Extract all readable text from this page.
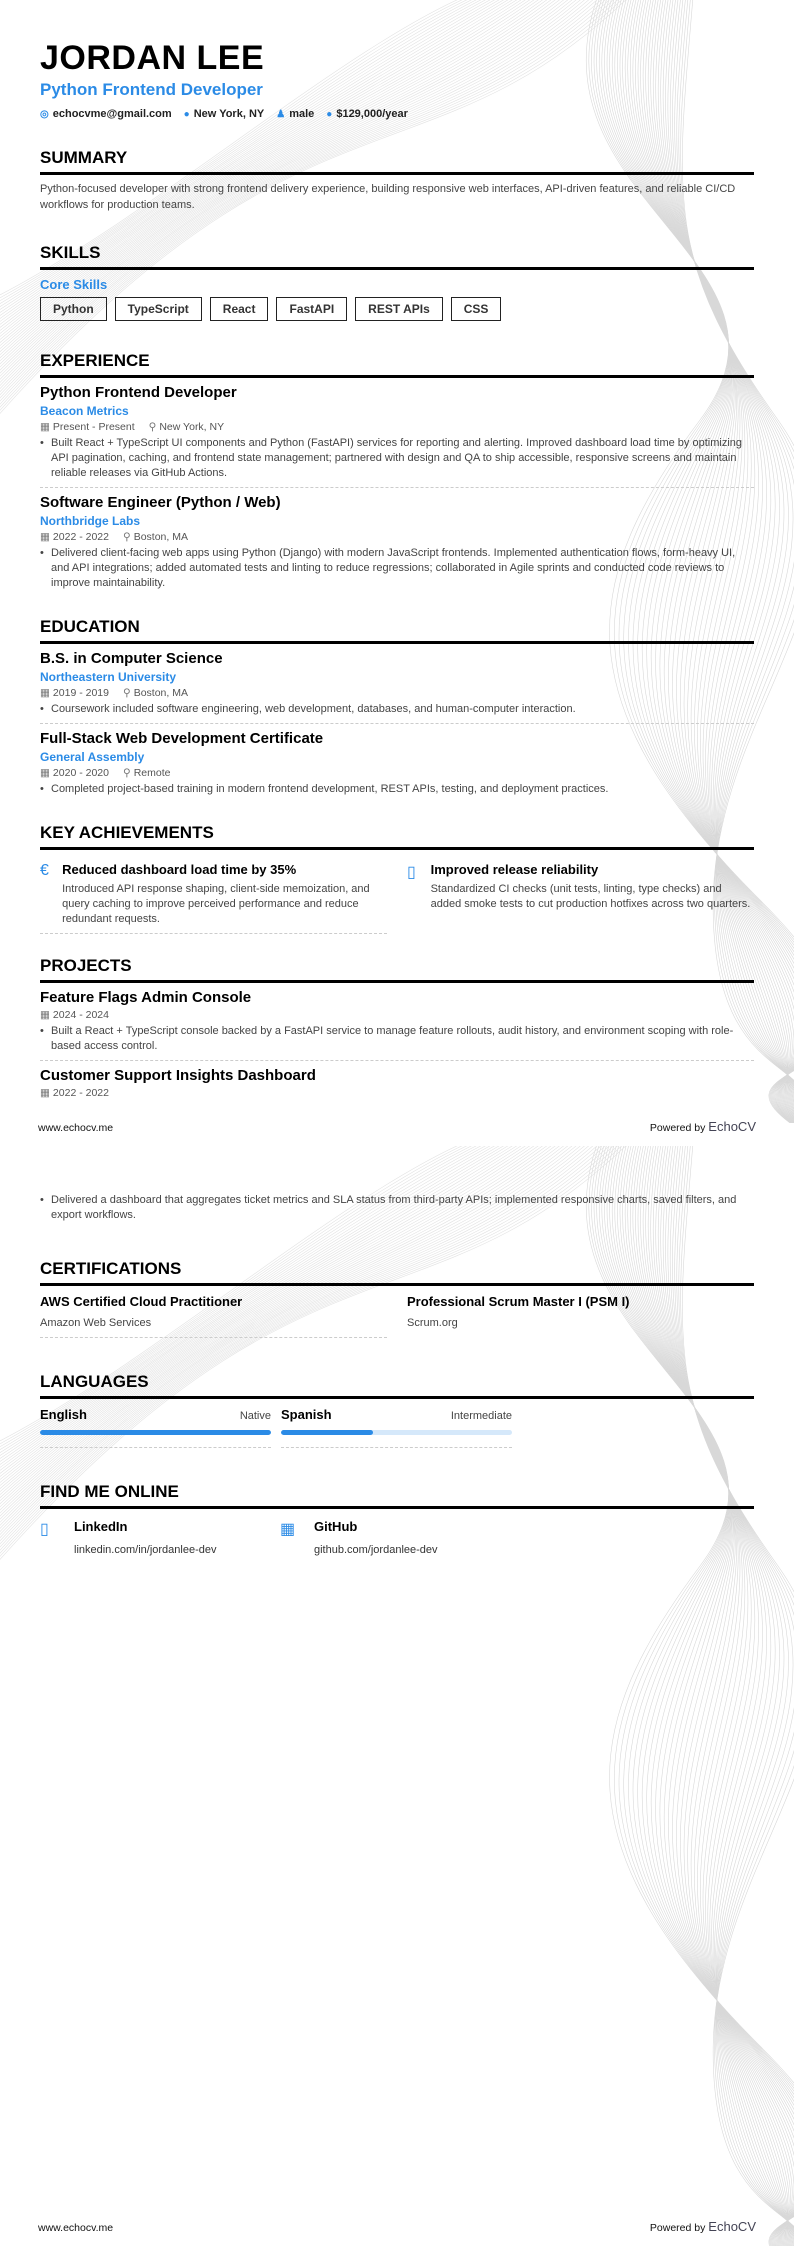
JORDAN LEE
Python Frontend Developer
◎ echocvme@gmail.com ● New York, NY ♟ male ● $129,000/year
SUMMARY
Python-focused developer with strong frontend delivery experience, building responsive web interfaces, API-driven features, and reliable CI/CD workflows for production teams.
SKILLS
Core Skills
Python	TypeScript	React	FastAPI	REST APIs	CSS
EXPERIENCE
Python Frontend Developer
Beacon Metrics
▦ Present - Present ⚲ New York, NY
• Built React + TypeScript UI components and Python (FastAPI) services for reporting and alerting. Improved dashboard load time by optimizing API pagination, caching, and frontend state management; partnered with design and QA to ship accessible, responsive screens and maintain reliable releases via GitHub Actions.
Software Engineer (Python / Web)
Northbridge Labs
▦ 2022 - 2022 ⚲ Boston, MA
• Delivered client-facing web apps using Python (Django) with modern JavaScript frontends. Implemented authentication flows, form-heavy UI, and API integrations; added automated tests and linting to reduce regressions; collaborated in Agile sprints and conducted code reviews to improve maintainability.
EDUCATION
B.S. in Computer Science
Northeastern University
▦ 2019 - 2019 ⚲ Boston, MA
• Coursework included software engineering, web development, databases, and human-computer interaction.
Full-Stack Web Development Certificate
General Assembly
▦ 2020 - 2020 ⚲ Remote
• Completed project-based training in modern frontend development, REST APIs, testing, and deployment practices.
KEY ACHIEVEMENTS
€ Reduced dashboard load time by 35%

Introduced API response shaping, client-side memoization, and query caching to improve perceived performance and reduce redundant requests.

▯ Improved release reliability

Standardized CI checks (unit tests, linting, type checks) and added smoke tests to cut production hotfixes across two quarters.

PROJECTS
Feature Flags Admin Console
▦ 2024 - 2024
• Built a React + TypeScript console backed by a FastAPI service to manage feature rollouts, audit history, and environment scoping with role-based access control.
Customer Support Insights Dashboard
▦ 2022 - 2022
www.echocv.me	Powered by EchoCV
• Delivered a dashboard that aggregates ticket metrics and SLA status from third-party APIs; implemented responsive charts, saved filters, and export workflows.
CERTIFICATIONS
AWS Certified Cloud Practitioner

Amazon Web Services

Professional Scrum Master I (PSM I)

Scrum.org

LANGUAGES
English	Native Spanish	Intermediate
FIND ME ONLINE
▯	LinkedIn

linkedin.com/in/jordanlee-dev

▦	GitHub

github.com/jordanlee-dev

www.echocv.me	Powered by EchoCV
